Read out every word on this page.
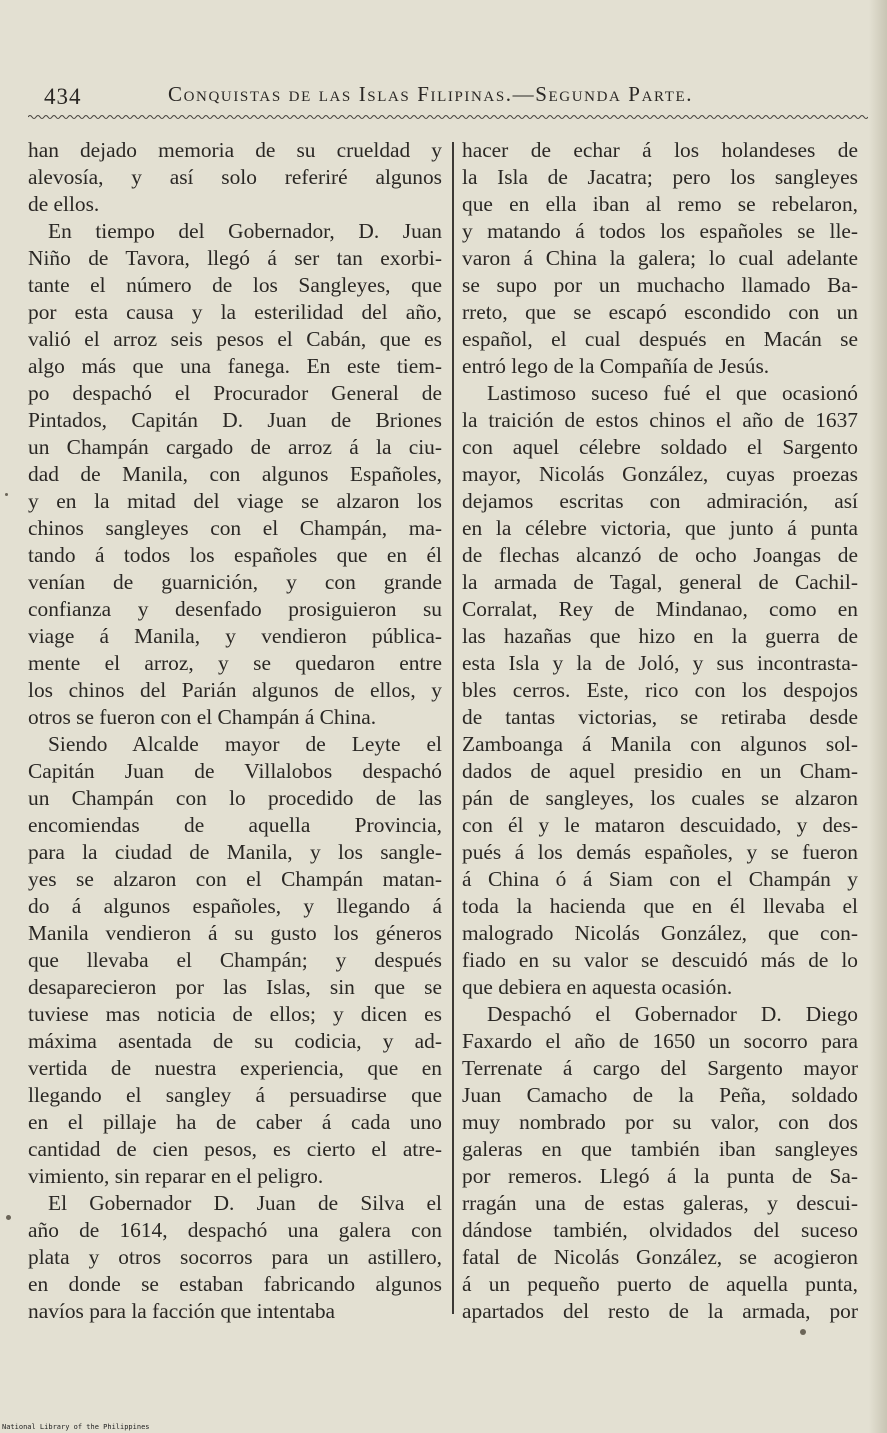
434	Conquistas de las Islas Filipinas.—Segunda Parte.
han dejado memoria de su crueldad y
alevosía, y así solo referiré algunos
de ellos.
En tiempo del Gobernador, D. Juan
Niño de Tavora, llegó á ser tan exorbi-
tante el número de los Sangleyes, que
por esta causa y la esterilidad del año,
valió el arroz seis pesos el Cabán, que es
algo más que una fanega. En este tiem-
po despachó el Procurador General de
Pintados, Capitán D. Juan de Briones
un Champán cargado de arroz á la ciu-
dad de Manila, con algunos Españoles,
y en la mitad del viage se alzaron los
chinos sangleyes con el Champán, ma-
tando á todos los españoles que en él
venían de guarnición, y con grande
confianza y desenfado prosiguieron su
viage á Manila, y vendieron pública-
mente el arroz, y se quedaron entre
los chinos del Parián algunos de ellos, y
otros se fueron con el Champán á China.
Siendo Alcalde mayor de Leyte el
Capitán Juan de Villalobos despachó
un Champán con lo procedido de las
encomiendas de aquella Provincia,
para la ciudad de Manila, y los sangle-
yes se alzaron con el Champán matan-
do á algunos españoles, y llegando á
Manila vendieron á su gusto los géneros
que llevaba el Champán; y después
desaparecieron por las Islas, sin que se
tuviese mas noticia de ellos; y dicen es
máxima asentada de su codicia, y ad-
vertida de nuestra experiencia, que en
llegando el sangley á persuadirse que
en el pillaje ha de caber á cada uno
cantidad de cien pesos, es cierto el atre-
vimiento, sin reparar en el peligro.
El Gobernador D. Juan de Silva el
año de 1614, despachó una galera con
plata y otros socorros para un astillero,
en donde se estaban fabricando algunos
navíos para la facción que intentaba
hacer de echar á los holandeses de
la Isla de Jacatra; pero los sangleyes
que en ella iban al remo se rebelaron,
y matando á todos los españoles se lle-
varon á China la galera; lo cual adelante
se supo por un muchacho llamado Ba-
rreto, que se escapó escondido con un
español, el cual después en Macán se
entró lego de la Compañía de Jesús.
Lastimoso suceso fué el que ocasionó
la traición de estos chinos el año de 1637
con aquel célebre soldado el Sargento
mayor, Nicolás González, cuyas proezas
dejamos escritas con admiración, así
en la célebre victoria, que junto á punta
de flechas alcanzó de ocho Joangas de
la armada de Tagal, general de Cachil-
Corralat, Rey de Mindanao, como en
las hazañas que hizo en la guerra de
esta Isla y la de Joló, y sus incontrasta-
bles cerros. Este, rico con los despojos
de tantas victorias, se retiraba desde
Zamboanga á Manila con algunos sol-
dados de aquel presidio en un Cham-
pán de sangleyes, los cuales se alzaron
con él y le mataron descuidado, y des-
pués á los demás españoles, y se fueron
á China ó á Siam con el Champán y
toda la hacienda que en él llevaba el
malogrado Nicolás González, que con-
fiado en su valor se descuidó más de lo
que debiera en aquesta ocasión.
Despachó el Gobernador D. Diego
Faxardo el año de 1650 un socorro para
Terrenate á cargo del Sargento mayor
Juan Camacho de la Peña, soldado
muy nombrado por su valor, con dos
galeras en que también iban sangleyes
por remeros. Llegó á la punta de Sa-
rragán una de estas galeras, y descui-
dándose también, olvidados del suceso
fatal de Nicolás González, se acogieron
á un pequeño puerto de aquella punta,
apartados del resto de la armada, por
National Library of the Philippines
